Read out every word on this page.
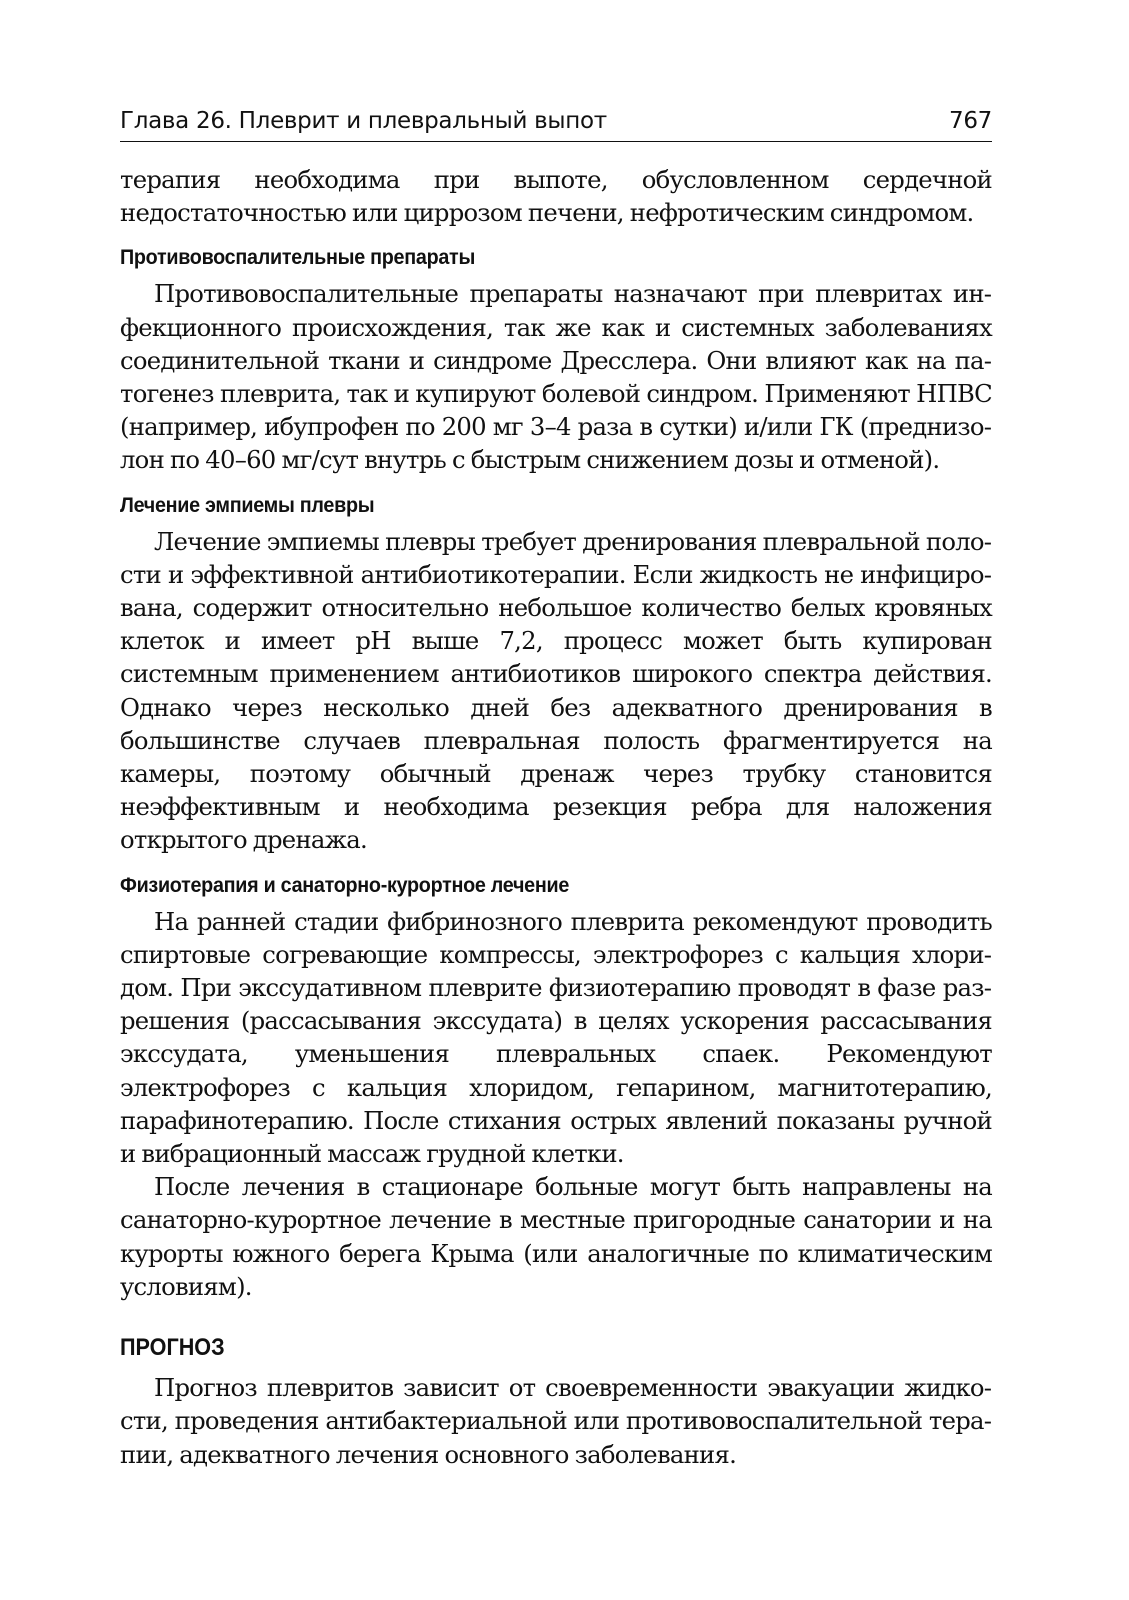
Глава 26. Плеврит и плевральный выпот	767

терапия необходима при выпоте, обусловленном сердечной недостаточностью или циррозом печени, нефротическим синдромом.

Противовоспалительные препараты

Противовоспалительные препараты назначают при плевритах инфекционного происхождения, так же как и системных заболеваниях соединительной ткани и синдроме Дресслера. Они влияют как на патогенез плеврита, так и купируют болевой синдром. Применяют НПВС (например, ибупрофен по 200 мг 3–4 раза в сутки) и/или ГК (преднизолон по 40–60 мг/сут внутрь с быстрым снижением дозы и отменой).

Лечение эмпиемы плевры

Лечение эмпиемы плевры требует дренирования плевральной полости и эффективной антибиотикотерапии. Если жидкость не инфицирована, содержит относительно небольшое количество белых кровяных клеток и имеет pH выше 7,2, процесс может быть купирован системным применением антибиотиков широкого спектра действия. Однако через несколько дней без адекватного дренирования в большинстве случаев плевральная полость фрагментируется на камеры, поэтому обычный дренаж через трубку становится неэффективным и необходима резекция ребра для наложения открытого дренажа.

Физиотерапия и санаторно-курортное лечение

На ранней стадии фибринозного плеврита рекомендуют проводить спиртовые согревающие компрессы, электрофорез с кальция хлоридом. При экссудативном плеврите физиотерапию проводят в фазе разрешения (рассасывания экссудата) в целях ускорения рассасывания экссудата, уменьшения плевральных спаек. Рекомендуют электрофорез с кальция хлоридом, гепарином, магнитотерапию, парафинотерапию. После стихания острых явлений показаны ручной и вибрационный массаж грудной клетки.

После лечения в стационаре больные могут быть направлены на санаторно-курортное лечение в местные пригородные санатории и на курорты южного берега Крыма (или аналогичные по климатическим условиям).

ПРОГНОЗ

Прогноз плевритов зависит от своевременности эвакуации жидкости, проведения антибактериальной или противовоспалительной терапии, адекватного лечения основного заболевания.
